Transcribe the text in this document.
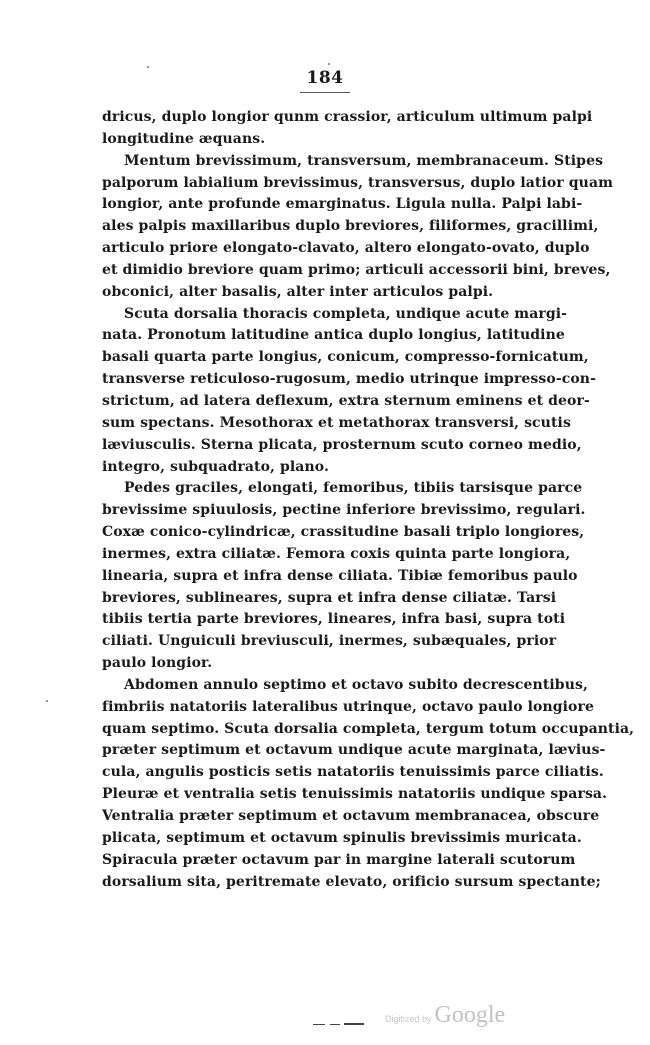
184
dricus, duplo longior qunm crassior, articulum ultimum palpi
longitudine æquans.
Mentum brevissimum, transversum, membranaceum. Stipes
palporum labialium brevissimus, transversus, duplo latior quam
longior, ante profunde emarginatus. Ligula nulla. Palpi labi-
ales palpis maxillaribus duplo breviores, filiformes, gracillimi,
articulo priore elongato-clavato, altero elongato-ovato, duplo
et dimidio breviore quam primo; articuli accessorii bini, breves,
obconici, alter basalis, alter inter articulos palpi.
Scuta dorsalia thoracis completa, undique acute margi-
nata. Pronotum latitudine antica duplo longius, latitudine
basali quarta parte longius, conicum, compresso-fornicatum,
transverse reticuloso-rugosum, medio utrinque impresso-con-
strictum, ad latera deflexum, extra sternum eminens et deor-
sum spectans. Mesothorax et metathorax transversi, scutis
læviusculis. Sterna plicata, prosternum scuto corneo medio,
integro, subquadrato, plano.
Pedes graciles, elongati, femoribus, tibiis tarsisque parce
brevissime spiuulosis, pectine inferiore brevissimo, regulari.
Coxæ conico-cylindricæ, crassitudine basali triplo longiores,
inermes, extra ciliatæ. Femora coxis quinta parte longiora,
linearia, supra et infra dense ciliata. Tibiæ femoribus paulo
breviores, sublineares, supra et infra dense ciliatæ. Tarsi
tibiis tertia parte breviores, lineares, infra basi, supra toti
ciliati. Unguiculi breviusculi, inermes, subæquales, prior
paulo longior.
Abdomen annulo septimo et octavo subito decrescentibus,
fimbriis natatoriis lateralibus utrinque, octavo paulo longiore
quam septimo. Scuta dorsalia completa, tergum totum occupantia,
præter septimum et octavum undique acute marginata, lævius-
cula, angulis posticis setis natatoriis tenuissimis parce ciliatis.
Pleuræ et ventralia setis tenuissimis natatoriis undique sparsa.
Ventralia præter septimum et octavum membranacea, obscure
plicata, septimum et octavum spinulis brevissimis muricata.
Spiracula præter octavum par in margine laterali scutorum
dorsalium sita, peritremate elevato, orificio sursum spectante;
Digitized by Google
